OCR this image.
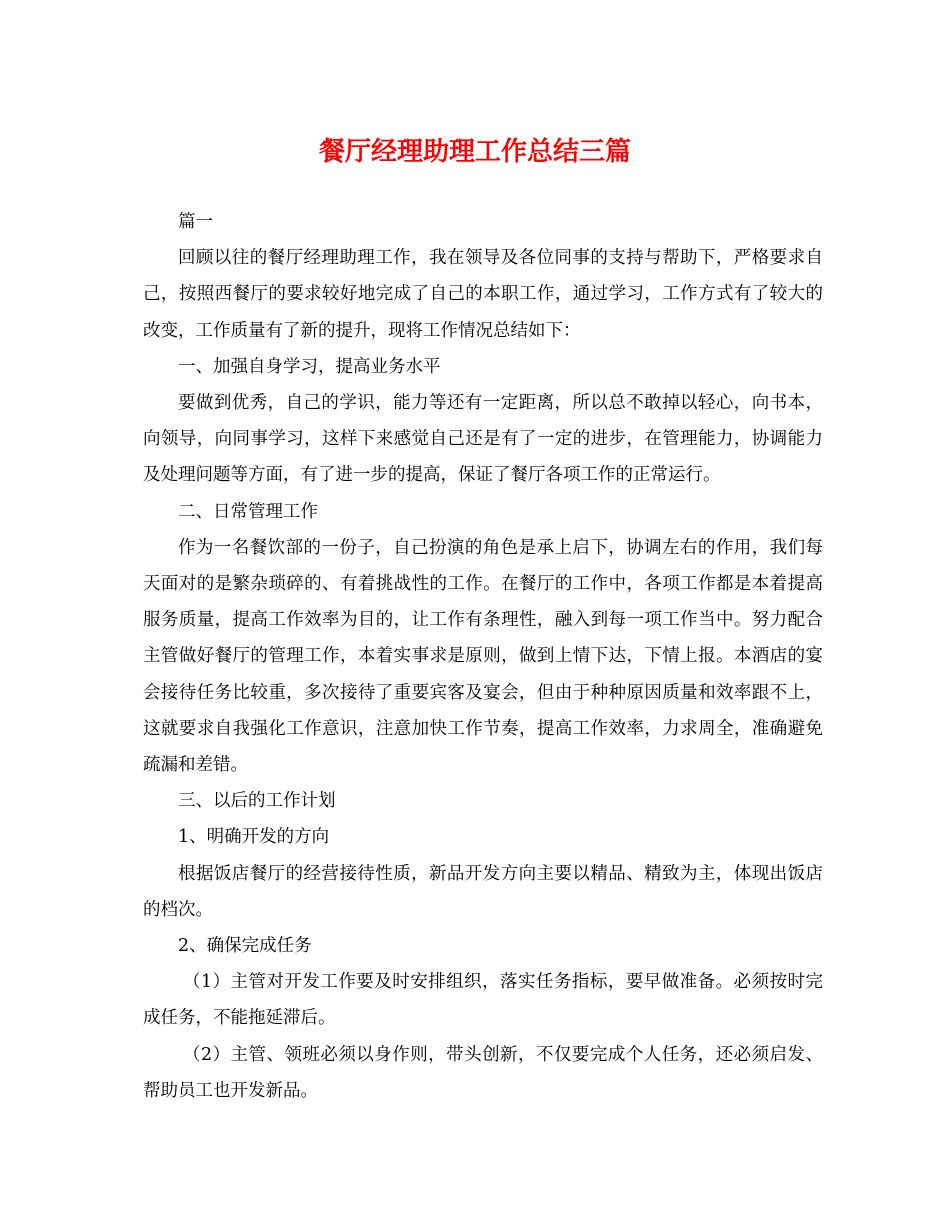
餐厅经理助理工作总结三篇

篇一

回顾以往的餐厅经理助理工作，我在领导及各位同事的支持与帮助下，严格要求自己，按照西餐厅的要求较好地完成了自己的本职工作，通过学习，工作方式有了较大的改变，工作质量有了新的提升，现将工作情况总结如下：

一、加强自身学习，提高业务水平

要做到优秀，自己的学识，能力等还有一定距离，所以总不敢掉以轻心，向书本，向领导，向同事学习，这样下来感觉自己还是有了一定的进步，在管理能力，协调能力及处理问题等方面，有了进一步的提高，保证了餐厅各项工作的正常运行。

二、日常管理工作

作为一名餐饮部的一份子，自己扮演的角色是承上启下，协调左右的作用，我们每天面对的是繁杂琐碎的、有着挑战性的工作。在餐厅的工作中，各项工作都是本着提高服务质量，提高工作效率为目的，让工作有条理性，融入到每一项工作当中。努力配合主管做好餐厅的管理工作，本着实事求是原则，做到上情下达，下情上报。本酒店的宴会接待任务比较重，多次接待了重要宾客及宴会，但由于种种原因质量和效率跟不上，这就要求自我强化工作意识，注意加快工作节奏，提高工作效率，力求周全，准确避免疏漏和差错。

三、以后的工作计划

1、明确开发的方向

根据饭店餐厅的经营接待性质，新品开发方向主要以精品、精致为主，体现出饭店的档次。

2、确保完成任务

（1）主管对开发工作要及时安排组织，落实任务指标，要早做准备。必须按时完成任务，不能拖延滞后。

（2）主管、领班必须以身作则，带头创新，不仅要完成个人任务，还必须启发、帮助员工也开发新品。
